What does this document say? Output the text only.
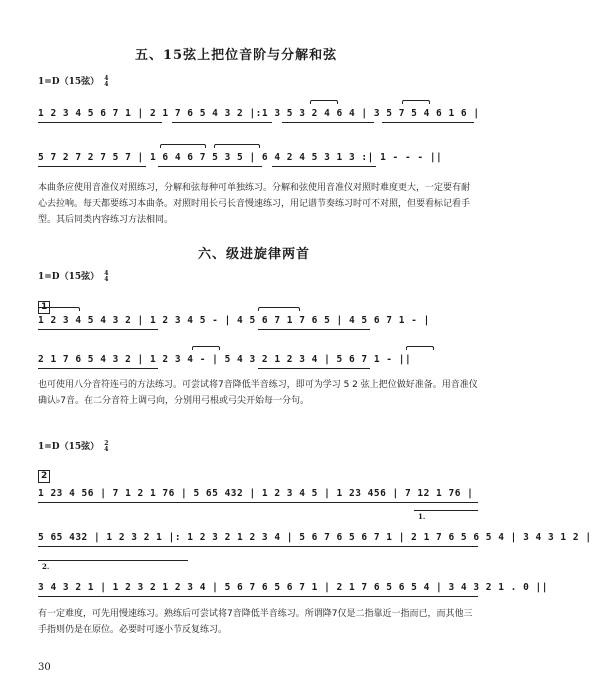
五、15弦上把位音阶与分解和弦
1=D（15弦） 4
4
1 2 3 4 5 6 7 1 | 2 1 7 6 5 4 3 2 |:1 3 5 3 2 4 6 4 | 3 5 7 5 4 6 1 6 |
5 7 2 7 2 7 5 7 | 1 6 4 6 7 5 3 5 | 6 4 2 4 5 3 1 3 :| 1 - - - ||
本曲条应使用音准仪对照练习，分解和弦每种可单独练习。分解和弦使用音准仪对照时难度更大，一定要有耐心去拉响。每天都要练习本曲条。对照时用长弓长音慢速练习，用记谱节奏练习时可不对照，但要看标记看手型。其后同类内容练习方法相同。
六、级进旋律两首
1=D（15弦） 4
4
1
1 2 3 4 5 4 3 2 | 1 2 3 4 5 - | 4 5 6 7 1 7 6 5 | 4 5 6 7 1 - |
2 1 7 6 5 4 3 2 | 1 2 3 4 - | 5 4 3 2 1 2 3 4 | 5 6 7 1 - ||
也可使用八分音符连弓的方法练习。可尝试将7音降低半音练习，即可为学习 5 2 弦上把位做好准备。用音准仪确认♭7音。在二分音符上调弓向，分别用弓根或弓尖开始每一分句。
1=D（15弦） 2
4
2
1 23 4 56 | 7 1 2 1 76 | 5 65 432 | 1 2 3 4 5 | 1 23 456 | 7 12 1 76 |
5 65 432 | 1 2 3 2 1 |: 1 2 3 2 1 2 3 4 | 5 6 7 6 5 6 7 1 | 2 1 7 6 5 6 5 4 | 3 4 3 1 2 |
1.
3 4 3 2 1 | 1 2 3 2 1 2 3 4 | 5 6 7 6 5 6 7 1 | 2 1 7 6 5 6 5 4 | 3 4 3 2 1 . 0 ||
2.
有一定难度，可先用慢速练习。熟练后可尝试将7音降低半音练习。所谓降7仅是二指靠近一指而已，而其他三手指则仍是在原位。必要时可逐小节反复练习。
30
